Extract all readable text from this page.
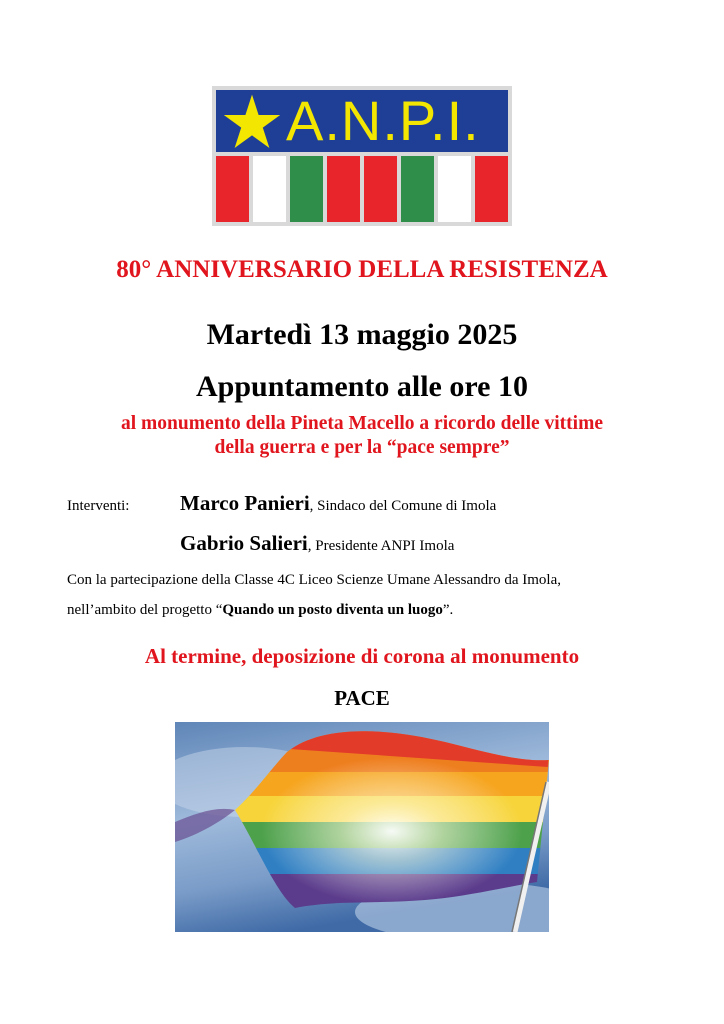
A.N.P.I.
80° ANNIVERSARIO DELLA RESISTENZA
Martedì 13 maggio 2025
Appuntamento alle ore 10
al monumento della Pineta Macello a ricordo delle vittime
della guerra e per la “pace sempre”
Interventi: Marco Panieri, Sindaco del Comune di Imola
Gabrio Salieri, Presidente ANPI Imola
Con la partecipazione della Classe 4C Liceo Scienze Umane Alessandro da Imola,
nell’ambito del progetto “Quando un posto diventa un luogo”.
Al termine, deposizione di corona al monumento
PACE
